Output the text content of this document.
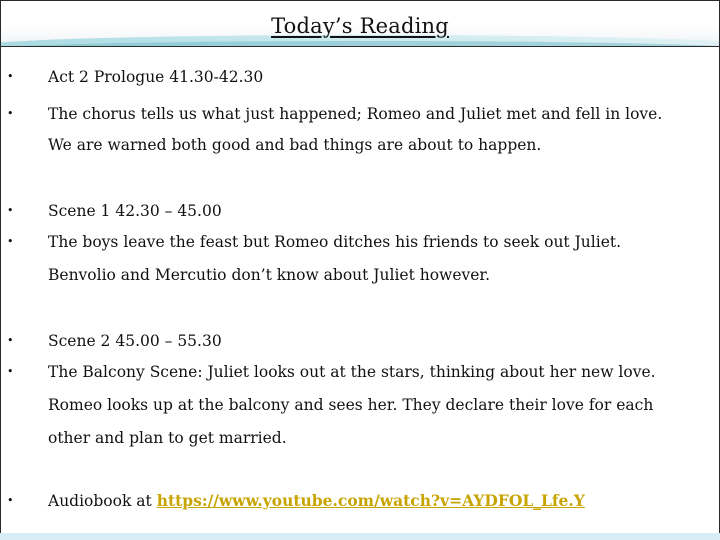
Today’s Reading
• Act 2 Prologue 41.30-42.30
• The chorus tells us what just happened; Romeo and Juliet met and fell in love.
We are warned both good and bad things are about to happen.
• Scene 1 42.30 – 45.00
• The boys leave the feast but Romeo ditches his friends to seek out Juliet.
Benvolio and Mercutio don’t know about Juliet however.
• Scene 2 45.00 – 55.30
• The Balcony Scene: Juliet looks out at the stars, thinking about her new love.
Romeo looks up at the balcony and sees her. They declare their love for each
other and plan to get married.
• Audiobook at https://www.youtube.com/watch?v=AYDFOL_Lfe.Y
